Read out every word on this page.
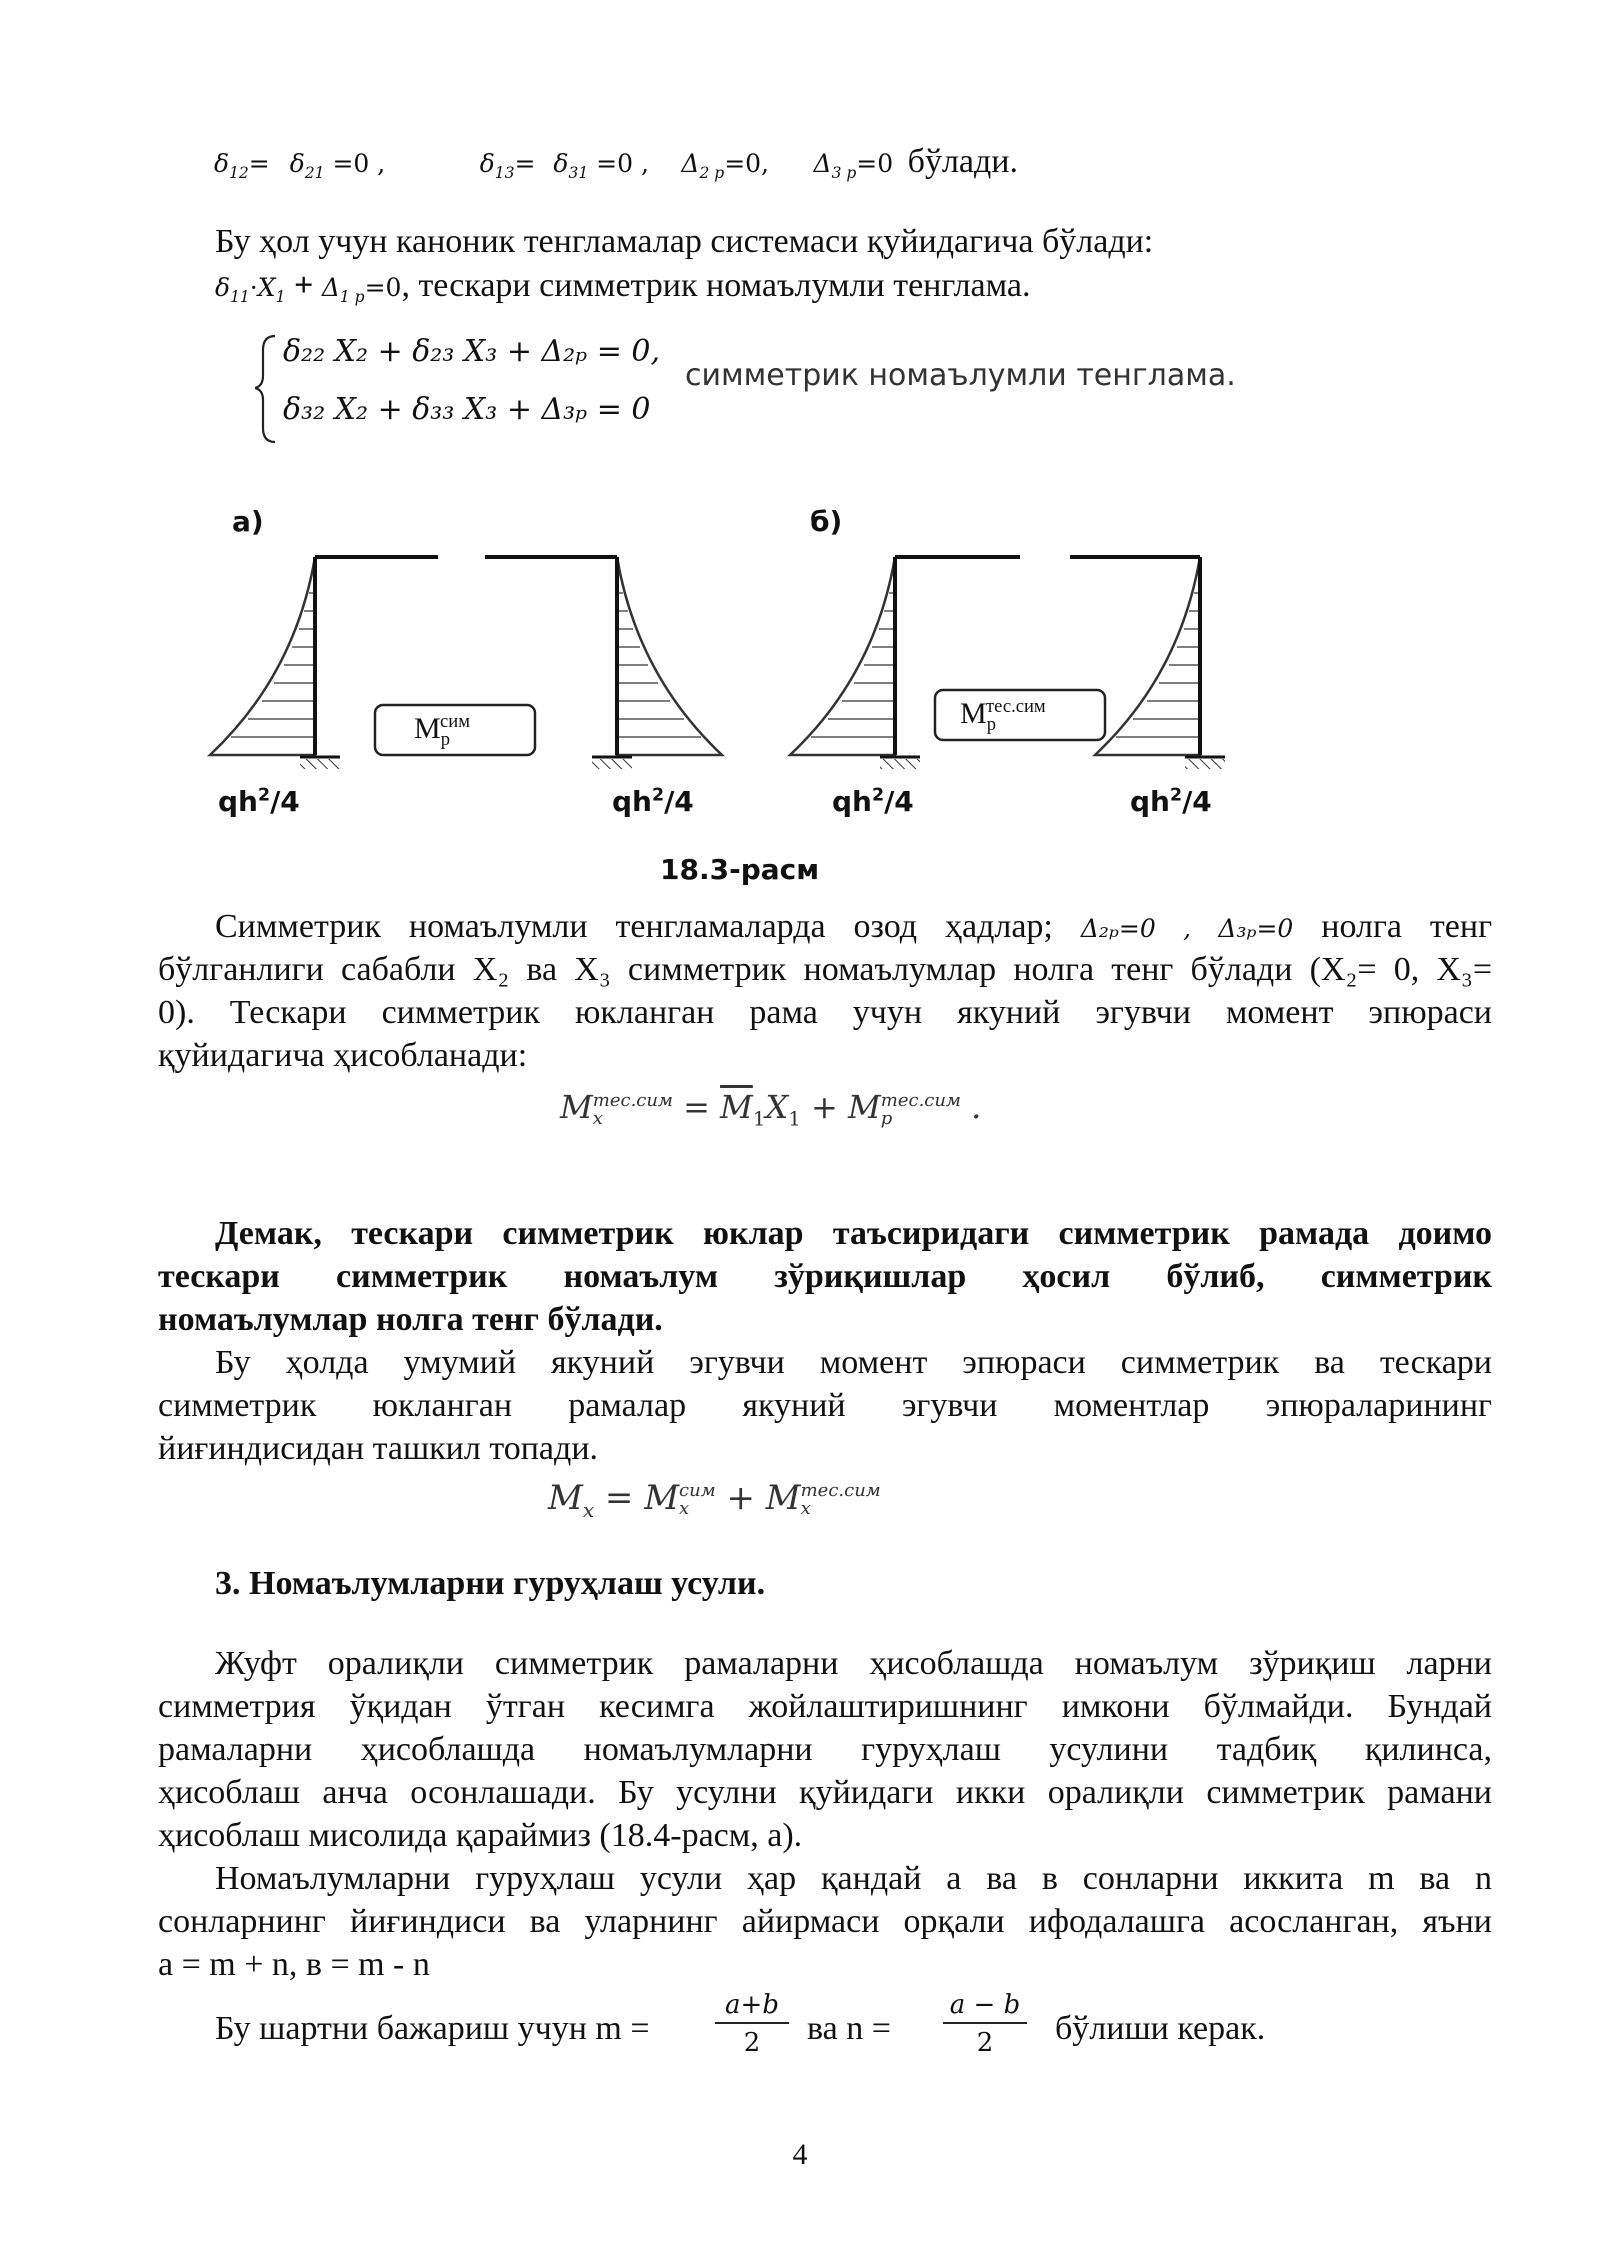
$\delta_{12}= \delta_{21} =0$ ,	$\delta_{13}= \delta_{31} =0$ , $\Delta_{2 p}=0$, $\Delta_{3 p}=0$ бўлади.
Бу ҳол учун каноник тенгламалар системаси қуйидагича бўлади:
$\delta_{11}\cdot X_1 + \Delta_{1 p}=0$, тескари симметрик номаълумли тенглама.
δ₂₂ X₂ + δ₂₃ X₃ + Δ₂ₚ = 0,
δ₃₂ X₂ + δ₃₃ X₃ + Δ₃ₚ = 0
симметрик номаълумли тенглама.
а)	б)
$М_р^{сим}$	$М_р^{тес.сим}$
$qh^2/4$	$qh^2/4$	$qh^2/4$	$qh^2/4$
18.3-расм
Симметрик номаълумли тенгламаларда озод ҳадлар; Δ₂ₚ=0 , Δ₃ₚ=0 нолга тенг
бўлганлиги сабабли X₂ ва X₃ симметрик номаълумлар нолга тенг бўлади (X₂= 0, X₃=
0). Тескари симметрик юкланган рама учун якуний эгувчи момент эпюраси
қуйидагича ҳисобланади:
M тес.сим
x	= $\overline{M}_1X_1 + M$ тес.сим
p	.
Демак, тескари симметрик юклар таъсиридаги симметрик рамада доимо
тескари симметрик номаълум зўриқишлар ҳосил бўлиб, симметрик
номаълумлар нолга тенг бўлади.
Бу ҳолда умумий якуний эгувчи момент эпюраси симметрик ва тескари
симметрик юкланган рамалар якуний эгувчи моментлар эпюраларининг
йиғиндисидан ташкил топади.
$M_x = M$ сим
x + M тес.сим
x
3. Номаълумларни гуруҳлаш усули.
Жуфт оралиқли симметрик рамаларни ҳисоблашда номаълум зўриқиш ларни
симметрия ўқидан ўтган кесимга жойлаштиришнинг имкони бўлмайди. Бундай
рамаларни ҳисоблашда номаълумларни гуруҳлаш усулини тадбиқ қилинса,
ҳисоблаш анча осонлашади. Бу усулни қуйидаги икки оралиқли симметрик рамани
ҳисоблаш мисолида қараймиз (18.4-расм, а).
Номаълумларни гуруҳлаш усули ҳар қандай а ва в сонларни иккита m ва n
сонларнинг йиғиндиси ва уларнинг айирмаси орқали ифодалашга асосланган, яъни
a = m + n, в = m - n
Бу шартни бажариш учун m =
a+b
2	ва n =
a − b
2	бўлиши керак.
4
